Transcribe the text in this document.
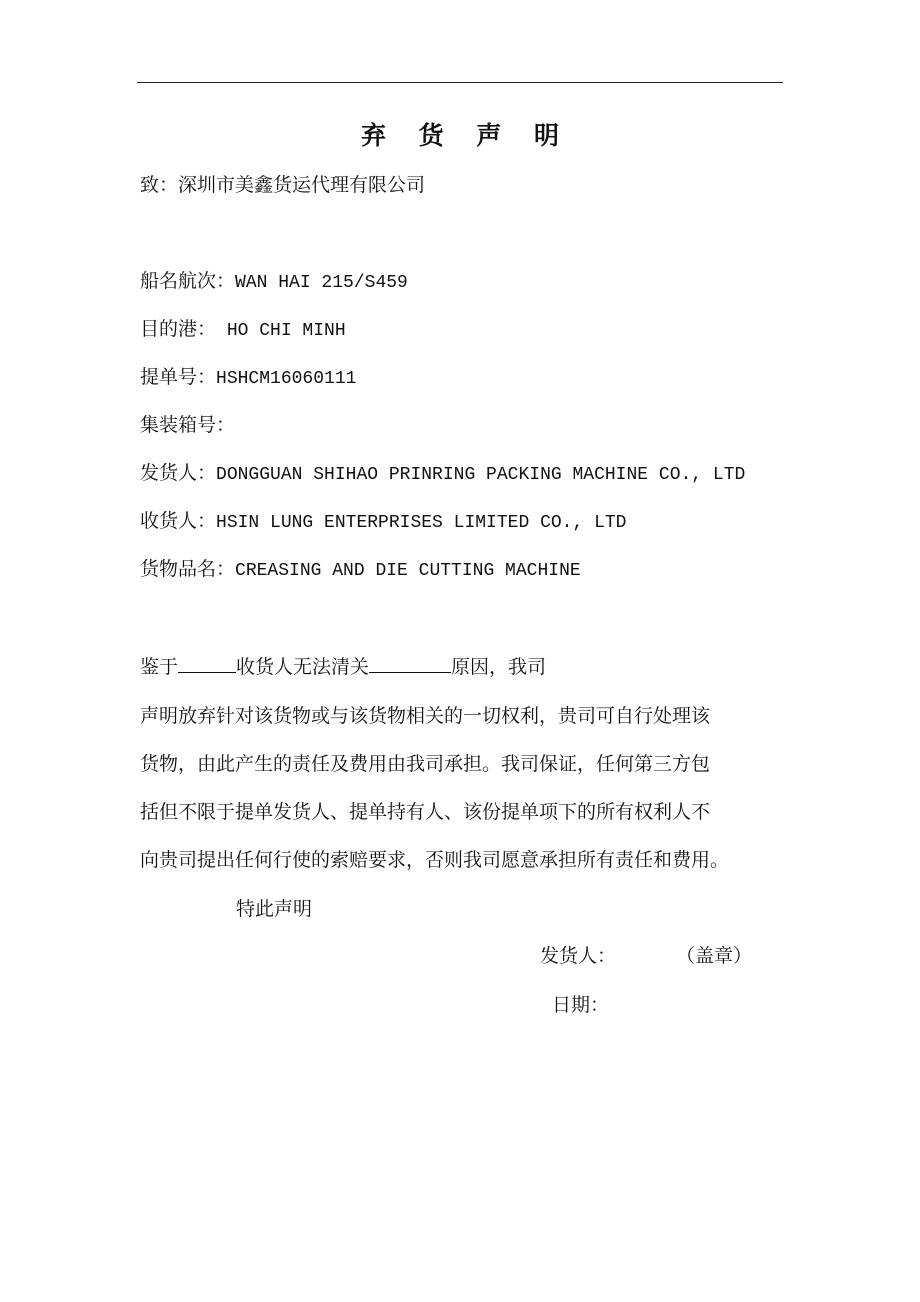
弃 货 声 明
致：深圳市美鑫货运代理有限公司
船名航次：WAN HAI 215/S459
目的港： HO CHI MINH
提单号：HSHCM16060111
集装箱号：
发货人：DONGGUAN SHIHAO PRINRING PACKING MACHINE CO., LTD
收货人：HSIN LUNG ENTERPRISES LIMITED CO., LTD
货物品名：CREASING AND DIE CUTTING MACHINE
鉴于	收货人无法清关	原因，我司
声明放弃针对该货物或与该货物相关的一切权利，贵司可自行处理该
货物，由此产生的责任及费用由我司承担。我司保证，任何第三方包
括但不限于提单发货人、提单持有人、该份提单项下的所有权利人不
向贵司提出任何行使的索赔要求，否则我司愿意承担所有责任和费用。
特此声明
发货人：	（盖章）
日期：
